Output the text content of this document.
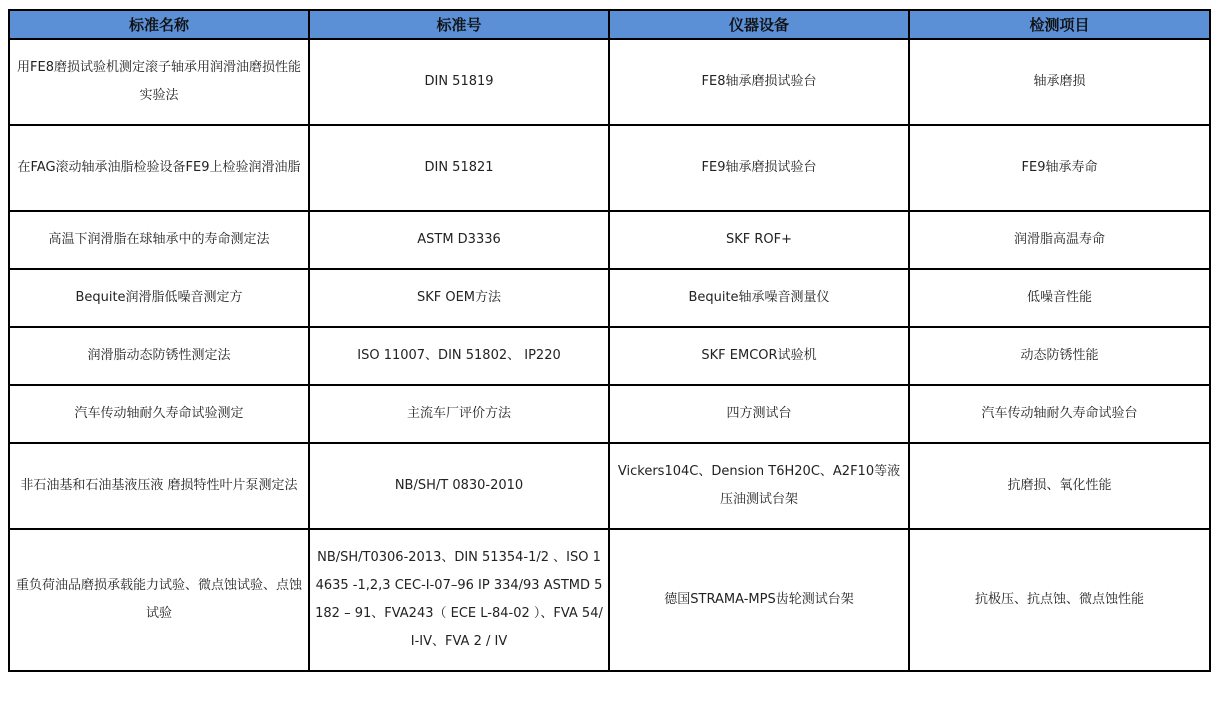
标准名称	标准号	仪器设备	检测项目
用FE8磨损试验机测定滚子轴承用润滑油磨损性能实验法	DIN 51819	FE8轴承磨损试验台	轴承磨损
在FAG滚动轴承油脂检验设备FE9上检验润滑油脂	DIN 51821	FE9轴承磨损试验台	FE9轴承寿命
高温下润滑脂在球轴承中的寿命测定法	ASTM D3336	SKF ROF+	润滑脂高温寿命
Bequite润滑脂低噪音测定方	SKF OEM方法	Bequite轴承噪音测量仪	低噪音性能
润滑脂动态防锈性测定法	ISO 11007、DIN 51802、 IP220	SKF EMCOR试验机	动态防锈性能
汽车传动轴耐久寿命试验测定	主流车厂评价方法	四方测试台	汽车传动轴耐久寿命试验台
非石油基和石油基液压液 磨损特性叶片泵测定法	NB/SH/T 0830-2010	Vickers104C、Dension T6H20C、A2F10等液压油测试台架	抗磨损、氧化性能
重负荷油品磨损承载能力试验、微点蚀试验、点蚀试验	NB/SH/T0306-2013、DIN 51354-1/2 、ISO 14635 -1,2,3 CEC-I-07–96 IP 334/93 ASTMD 5182 – 91、FVA243（ ECE L-84-02 ）、FVA 54/I-IV、FVA 2 / IV	德国STRAMA-MPS齿轮测试台架	抗极压、抗点蚀、微点蚀性能
